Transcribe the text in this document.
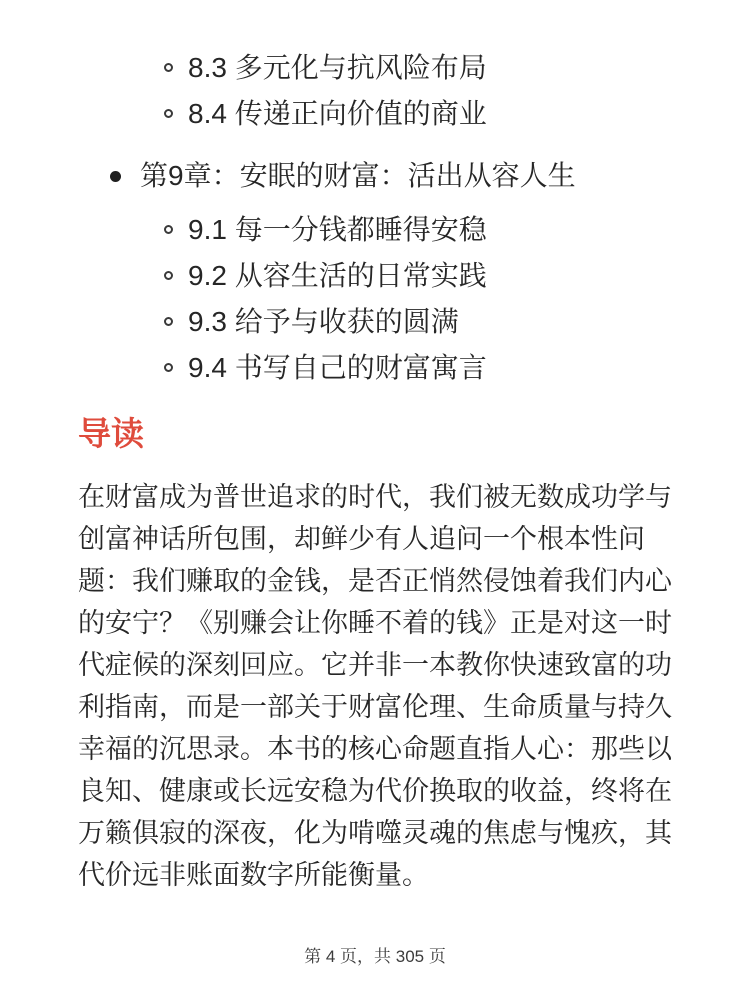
8.3 多元化与抗风险布局
8.4 传递正向价值的商业
第9章：安眠的财富：活出从容人生
9.1 每一分钱都睡得安稳
9.2 从容生活的日常实践
9.3 给予与收获的圆满
9.4 书写自己的财富寓言
导读

在财富成为普世追求的时代，我们被无数成功学与创富神话所包围，却鲜少有人追问一个根本性问题：我们赚取的金钱，是否正悄然侵蚀着我们内心的安宁？《别赚会让你睡不着的钱》正是对这一时代症候的深刻回应。它并非一本教你快速致富的功利指南，而是一部关于财富伦理、生命质量与持久幸福的沉思录。本书的核心命题直指人心：那些以良知、健康或长远安稳为代价换取的收益，终将在万籁俱寂的深夜，化为啃噬灵魂的焦虑与愧疚，其代价远非账面数字所能衡量。

第 4 页，共 305 页
